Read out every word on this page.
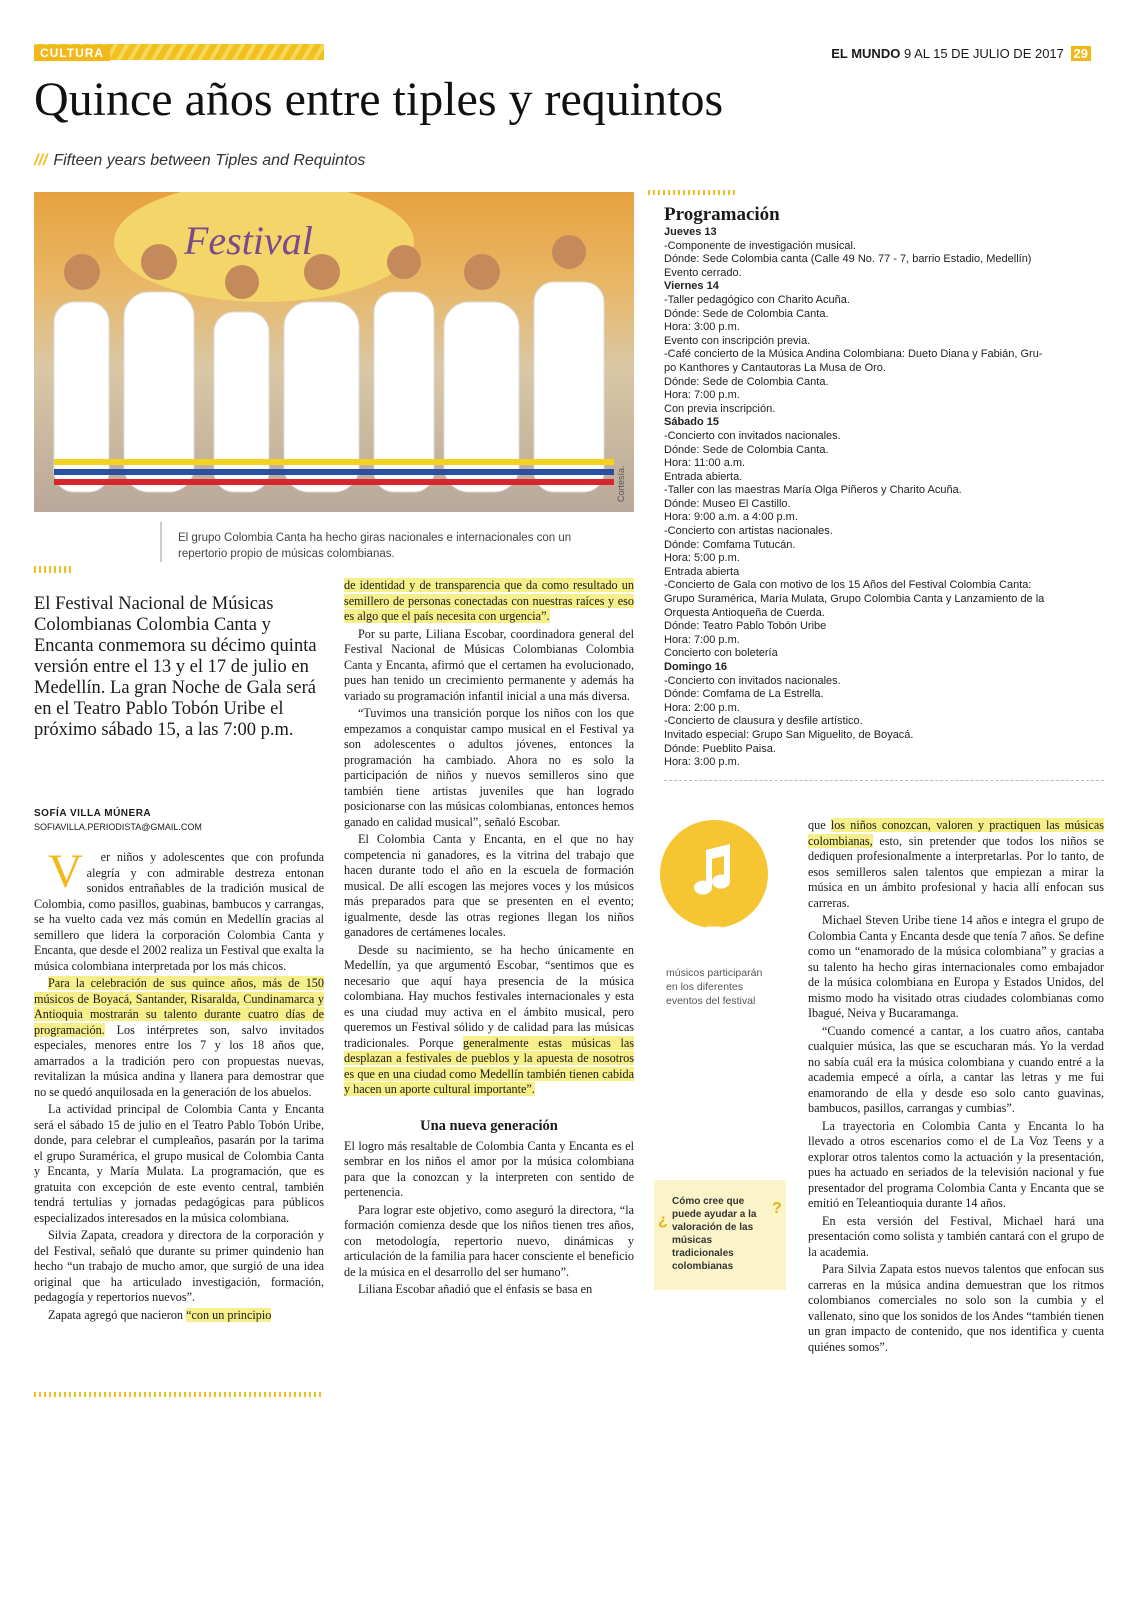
CULTURA	EL MUNDO 9 AL 15 DE JULIO DE 2017 29
Quince años entre tiples y requintos
/// Fifteen years between Tiples and Requintos
Festival
Cortesía.
El grupo Colombia Canta ha hecho giras nacionales e internacionales con un repertorio propio de músicas colombianas.
Programación
Jueves 13
-Componente de investigación musical.
Dónde: Sede Colombia canta (Calle 49 No. 77 - 7, barrio Estadio, Medellín)
Evento cerrado.
Viernes 14
-Taller pedagógico con Charito Acuña.
Dónde: Sede de Colombia Canta.
Hora: 3:00 p.m.
Evento con inscripción previa.
-Café concierto de la Música Andina Colombiana: Dueto Diana y Fabián, Gru-
po Kanthores y Cantautoras La Musa de Oro.
Dónde: Sede de Colombia Canta.
Hora: 7:00 p.m.
Con previa inscripción.
Sábado 15
-Concierto con invitados nacionales.
Dónde: Sede de Colombia Canta.
Hora: 11:00 a.m.
Entrada abierta.
-Taller con las maestras María Olga Piñeros y Charito Acuña.
Dónde: Museo El Castillo.
Hora: 9:00 a.m. a 4:00 p.m.
-Concierto con artistas nacionales.
Dónde: Comfama Tutucán.
Hora: 5:00 p.m.
Entrada abierta
-Concierto de Gala con motivo de los 15 Años del Festival Colombia Canta:
Grupo Suramérica, María Mulata, Grupo Colombia Canta y Lanzamiento de la
Orquesta Antioqueña de Cuerda.
Dónde: Teatro Pablo Tobón Uribe
Hora: 7:00 p.m.
Concierto con boletería
Domingo 16
-Concierto con invitados nacionales.
Dónde: Comfama de La Estrella.
Hora: 2:00 p.m.
-Concierto de clausura y desfile artístico.
Invitado especial: Grupo San Miguelito, de Boyacá.
Dónde: Pueblito Paisa.
Hora: 3:00 p.m.
El Festival Nacional de Músicas Colombianas Colombia Canta y Encanta conmemora su décimo quinta versión entre el 13 y el 17 de julio en Medellín. La gran Noche de Gala será en el Teatro Pablo Tobón Uribe el próximo sábado 15, a las 7:00 p.m.
SOFÍA VILLA MÚNERA
SOFIAVILLA.PERIODISTA@GMAIL.COM

V er niños y adolescentes que con profunda alegría y con admirable destreza entonan sonidos entrañables de la tradición musical de Colombia, como pasillos, guabinas, bambucos y carrangas, se ha vuelto cada vez más común en Medellín gracias al semillero que lidera la corporación Colombia Canta y Encanta, que desde el 2002 realiza un Festival que exalta la música colombiana interpretada por los más chicos.

Para la celebración de sus quince años, más de 150 músicos de Boyacá, Santander, Risaralda, Cundinamarca y Antioquia mostrarán su talento durante cuatro días de programación. Los intérpretes son, salvo invitados especiales, menores entre los 7 y los 18 años que, amarrados a la tradición pero con propuestas nuevas, revitalizan la música andina y llanera para demostrar que no se quedó anquilosada en la generación de los abuelos.

La actividad principal de Colombia Canta y Encanta será el sábado 15 de julio en el Teatro Pablo Tobón Uribe, donde, para celebrar el cumpleaños, pasarán por la tarima el grupo Suramérica, el grupo musical de Colombia Canta y Encanta, y María Mulata. La programación, que es gratuita con excepción de este evento central, también tendrá tertulias y jornadas pedagógicas para públicos especializados interesados en la música colombiana.

Silvia Zapata, creadora y directora de la corporación y del Festival, señaló que durante su primer quindenio han hecho “un trabajo de mucho amor, que surgió de una idea original que ha articulado investigación, formación, pedagogía y repertorios nuevos”.

Zapata agregó que nacieron “con un principio

de identidad y de transparencia que da como resultado un semillero de personas conectadas con nuestras raíces y eso es algo que el país necesita con urgencia”.

Por su parte, Liliana Escobar, coordinadora general del Festival Nacional de Músicas Colombianas Colombia Canta y Encanta, afirmó que el certamen ha evolucionado, pues han tenido un crecimiento permanente y además ha variado su programación infantil inicial a una más diversa.

“Tuvimos una transición porque los niños con los que empezamos a conquistar campo musical en el Festival ya son adolescentes o adultos jóvenes, entonces la programación ha cambiado. Ahora no es solo la participación de niños y nuevos semilleros sino que también tiene artistas juveniles que han logrado posicionarse con las músicas colombianas, entonces hemos ganado en calidad musical”, señaló Escobar.

El Colombia Canta y Encanta, en el que no hay competencia ni ganadores, es la vitrina del trabajo que hacen durante todo el año en la escuela de formación musical. De allí escogen las mejores voces y los músicos más preparados para que se presenten en el evento; igualmente, desde las otras regiones llegan los niños ganadores de certámenes locales.

Desde su nacimiento, se ha hecho únicamente en Medellín, ya que argumentó Escobar, “sentimos que es necesario que aquí haya presencia de la música colombiana. Hay muchos festivales internacionales y esta es una ciudad muy activa en el ámbito musical, pero queremos un Festival sólido y de calidad para las músicas tradicionales. Porque generalmente estas músicas las desplazan a festivales de pueblos y la apuesta de nosotros es que en una ciudad como Medellín también tienen cabida y hacen un aporte cultural importante”.

Una nueva generación

El logro más resaltable de Colombia Canta y Encanta es el sembrar en los niños el amor por la música colombiana para que la conozcan y la interpreten con sentido de pertenencia.

Para lograr este objetivo, como aseguró la directora, “la formación comienza desde que los niños tienen tres años, con metodología, repertorio nuevo, dinámicas y articulación de la familia para hacer consciente el beneficio de la música en el desarrollo del ser humano”.

Liliana Escobar añadió que el énfasis se basa en

150
músicos participarán en los diferentes eventos del festival
¿
Cómo cree que puede ayudar a la valoración de las músicas tradicionales colombianas
?

que los niños conozcan, valoren y practiquen las músicas colombianas, esto, sin pretender que todos los niños se dediquen profesionalmente a interpretarlas. Por lo tanto, de esos semilleros salen talentos que empiezan a mirar la música en un ámbito profesional y hacia allí enfocan sus carreras.

Michael Steven Uribe tiene 14 años e integra el grupo de Colombia Canta y Encanta desde que tenía 7 años. Se define como un “enamorado de la música colombiana” y gracias a su talento ha hecho giras internacionales como embajador de la música colombiana en Europa y Estados Unidos, del mismo modo ha visitado otras ciudades colombianas como Ibagué, Neiva y Bucaramanga.

“Cuando comencé a cantar, a los cuatro años, cantaba cualquier música, las que se escucharan más. Yo la verdad no sabía cuál era la música colombiana y cuando entré a la academia empecé a oírla, a cantar las letras y me fui enamorando de ella y desde eso solo canto guavinas, bambucos, pasillos, carrangas y cumbias”.

La trayectoria en Colombia Canta y Encanta lo ha llevado a otros escenarios como el de La Voz Teens y a explorar otros talentos como la actuación y la presentación, pues ha actuado en seriados de la televisión nacional y fue presentador del programa Colombia Canta y Encanta que se emitió en Teleantioquia durante 14 años.

En esta versión del Festival, Michael hará una presentación como solista y también cantará con el grupo de la academia.

Para Silvia Zapata estos nuevos talentos que enfocan sus carreras en la música andina demuestran que los ritmos colombianos comerciales no solo son la cumbia y el vallenato, sino que los sonidos de los Andes “también tienen un gran impacto de contenido, que nos identifica y cuenta quiénes somos”.
